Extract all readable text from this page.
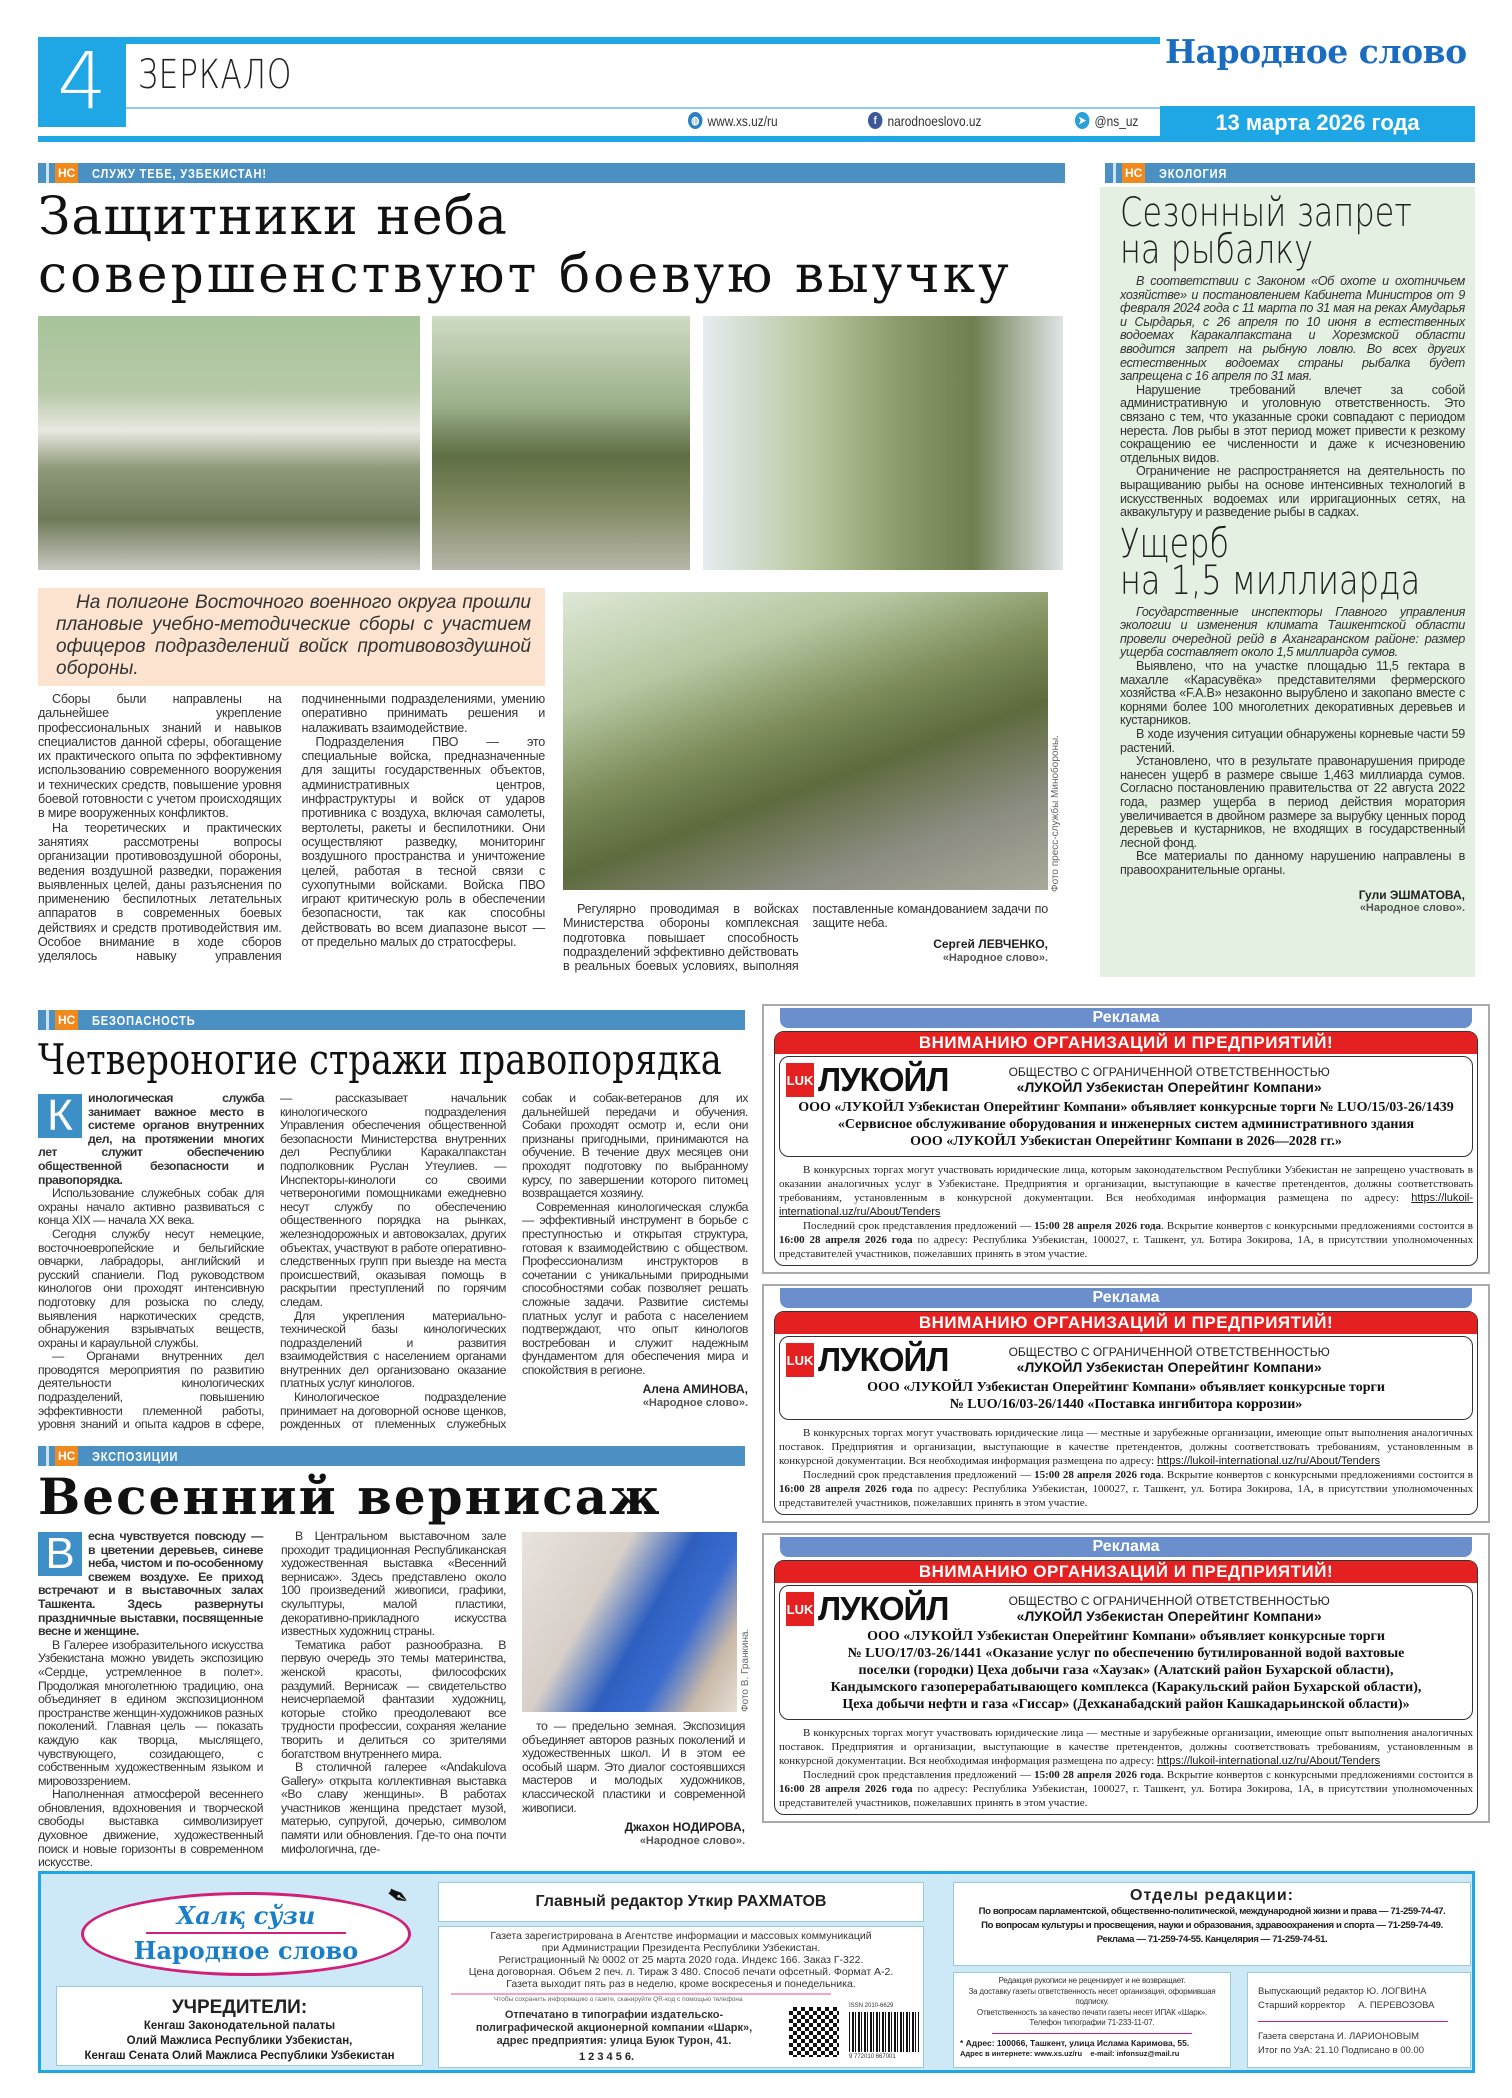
4 ЗЕРКАЛО
Народное слово
◍ www.xs.uz/ru	f narodnoeslovo.uz	➤ @ns_uz	13 марта 2026 года
НС СЛУЖУ ТЕБЕ, УЗБЕКИСТАН!
Защитники неба
совершенствуют боевую выучку

На полигоне Восточного военного округа прошли плановые учебно-методические сборы с участием офицеров подразделений войск противовоздушной обороны.

Сборы были направлены на дальнейшее укрепление профессиональных знаний и навыков специалистов данной сферы, обогащение их практического опыта по эффективному использованию современного вооружения и технических средств, повышение уровня боевой готовности с учетом происходящих в мире вооруженных конфликтов.

На теоретических и практических занятиях рассмотрены вопросы организации противовоздушной обороны, ведения воздушной разведки, поражения выявленных целей, даны разъяснения по применению беспилотных летательных аппаратов в современных боевых действиях и средств противодействия им. Особое внимание в ходе сборов уделялось навыку управления подчиненными подразделениями, умению оперативно принимать решения и налаживать взаимодействие.

Подразделения ПВО — это специальные войска, предназначенные для защиты государственных объектов, административных центров, инфраструктуры и войск от ударов противника с воздуха, включая самолеты, вертолеты, ракеты и беспилотники. Они осуществляют разведку, мониторинг воздушного пространства и уничтожение целей, работая в тесной связи с сухопутными войсками. Войска ПВО играют критическую роль в обеспечении безопасности, так как способны действовать во всем диапазоне высот — от предельно малых до стратосферы.

Фото пресс-службы Минобороны.

Регулярно проводимая в войсках Министерства обороны комплексная подготовка повышает способность подразделений эффективно действовать в реальных боевых условиях, выполняя поставленные командованием задачи по защите неба.

Сергей ЛЕВЧЕНКО,
«Народное слово».
НС ЭКОЛОГИЯ
Сезонный запрет
на рыбалку

В соответствии с Законом «Об охоте и охотничьем хозяйстве» и постановлением Кабинета Министров от 9 февраля 2024 года с 11 марта по 31 мая на реках Амударья и Сырдарья, с 26 апреля по 10 июня в естественных водоемах Каракалпакстана и Хорезмской области вводится запрет на рыбную ловлю. Во всех других естественных водоемах страны рыбалка будет запрещена с 16 апреля по 31 мая.

Нарушение требований влечет за собой административную и уголовную ответственность. Это связано с тем, что указанные сроки совпадают с периодом нереста. Лов рыбы в этот период может привести к резкому сокращению ее численности и даже к исчезновению отдельных видов.

Ограничение не распространяется на деятельность по выращиванию рыбы на основе интенсивных технологий в искусственных водоемах или ирригационных сетях, на аквакультуру и разведение рыбы в садках.

Ущерб
на 1,5 миллиарда

Государственные инспекторы Главного управления экологии и изменения климата Ташкентской области провели очередной рейд в Ахангаранском районе: размер ущерба составляет около 1,5 миллиарда сумов.

Выявлено, что на участке площадью 11,5 гектара в махалле «Карасувёка» представителями фермерского хозяйства «F.A.B» незаконно вырублено и закопано вместе с корнями более 100 многолетних декоративных деревьев и кустарников.

В ходе изучения ситуации обнаружены корневые части 59 растений.

Установлено, что в результате правонарушения природе нанесен ущерб в размере свыше 1,463 миллиарда сумов. Согласно постановлению правительства от 22 августа 2022 года, размер ущерба в период действия моратория увеличивается в двойном размере за вырубку ценных пород деревьев и кустарников, не входящих в государственный лесной фонд.

Все материалы по данному нарушению направлены в правоохранительные органы.

Гули ЭШМАТОВА,
«Народное слово».
НС БЕЗОПАСНОСТЬ
Четвероногие стражи правопорядка

К	инологическая служба занимает важное место в системе органов внутренних дел, на протяжении многих лет служит обеспечению общественной безопасности и правопорядка.

Использование служебных собак для охраны начало активно развиваться с конца XIX — начала XX века.

Сегодня службу несут немецкие, восточноевропейские и бельгийские овчарки, лабрадоры, английский и русский спаниели. Под руководством кинологов они проходят интенсивную подготовку для розыска по следу, выявления наркотических средств, обнаружения взрывчатых веществ, охраны и караульной службы.

— Органами внутренних дел проводятся мероприятия по развитию деятельности кинологических подразделений, повышению эффективности племенной работы, уровня знаний и опыта кадров в сфере, — рассказывает начальник кинологического подразделения Управления обеспечения общественной безопасности Министерства внутренних дел Республики Каракалпакстан подполковник Руслан Утеулиев. — Инспекторы-кинологи со своими четвероногими помощниками ежедневно несут службу по обеспечению общественного порядка на рынках, железнодорожных и автовокзалах, других объектах, участвуют в работе оперативно-следственных групп при выезде на места происшествий, оказывая помощь в раскрытии преступлений по горячим следам.

Для укрепления материально-технической базы кинологических подразделений и развития взаимодействия с населением органами внутренних дел организовано оказание платных услуг кинологов.

Кинологическое подразделение принимает на договорной основе щенков, рожденных от племенных служебных собак и собак-ветеранов для их дальнейшей передачи и обучения. Собаки проходят осмотр и, если они признаны пригодными, принимаются на обучение. В течение двух месяцев они проходят подготовку по выбранному курсу, по завершении которого питомец возвращается хозяину.

Современная кинологическая служба — эффективный инструмент в борьбе с преступностью и открытая структура, готовая к взаимодействию с обществом. Профессионализм инструкторов в сочетании с уникальными природными способностями собак позволяет решать сложные задачи. Развитие системы платных услуг и работа с населением подтверждают, что опыт кинологов востребован и служит надежным фундаментом для обеспечения мира и спокойствия в регионе.

Алена АМИНОВА,
«Народное слово».
НС ЭКСПОЗИЦИИ
Весенний вернисаж

В	есна чувствуется повсюду — в цветении деревьев, синеве неба, чистом и по-особенному свежем воздухе. Ее приход встречают и в выставочных залах Ташкента. Здесь развернуты праздничные выставки, посвященные весне и женщине.

В Галерее изобразительного искусства Узбекистана можно увидеть экспозицию «Сердце, устремленное в полет». Продолжая многолетнюю традицию, она объединяет в едином экспозиционном пространстве женщин-художников разных поколений. Главная цель — показать каждую как творца, мыслящего, чувствующего, созидающего, с собственным художественным языком и мировоззрением.

Наполненная атмосферой весеннего обновления, вдохновения и творческой свободы выставка символизирует духовное движение, художественный поиск и новые горизонты в современном искусстве.

В Центральном выставочном зале проходит традиционная Республиканская художественная выставка «Весенний вернисаж». Здесь представлено около 100 произведений живописи, графики, скульптуры, малой пластики, декоративно-прикладного искусства известных художниц страны.

Тематика работ разнообразна. В первую очередь это темы материнства, женской красоты, философских раздумий. Вернисаж — свидетельство неисчерпаемой фантазии художниц, которые стойко преодолевают все трудности профессии, сохраняя желание творить и делиться со зрителями богатством внутреннего мира.

В столичной галерее «Andakulova Gallery» открыта коллективная выставка «Во славу женщины». В работах участников женщина предстает музой, матерью, супругой, дочерью, символом памяти или обновления. Где-то она почти мифологична, где-

Фото В. Гранкина.

то — предельно земная. Экспозиция объединяет авторов разных поколений и художественных школ. И в этом ее особый шарм. Это диалог состоявшихся мастеров и молодых художников, классической пластики и современной живописи.

Джахон НОДИРОВА,
«Народное слово».
Реклама
ВНИМАНИЮ ОРГАНИЗАЦИЙ И ПРЕДПРИЯТИЙ!
LUK ЛУКОЙЛ	ОБЩЕСТВО С ОГРАНИЧЕННОЙ ОТВЕТСТВЕННОСТЬЮ
«ЛУКОЙЛ Узбекистан Оперейтинг Компани»
ООО «ЛУКОЙЛ Узбекистан Оперейтинг Компани» объявляет конкурсные торги № LUO/15/03-26/1439
«Сервисное обслуживание оборудования и инженерных систем административного здания
ООО «ЛУКОЙЛ Узбекистан Оперейтинг Компани в 2026—2028 гг.»

В конкурсных торгах могут участвовать юридические лица, которым законодательством Республики Узбекистан не запрещено участвовать в оказании аналогичных услуг в Узбекистане. Предприятия и организации, выступающие в качестве претендентов, должны соответствовать требованиям, установленным в конкурсной документации. Вся необходимая информация размещена по адресу: https://lukoil-international.uz/ru/About/Tenders

Последний срок представления предложений — 15:00 28 апреля 2026 года. Вскрытие конвертов с конкурсными предложениями состоится в 16:00 28 апреля 2026 года по адресу: Республика Узбекистан, 100027, г. Ташкент, ул. Ботира Зокирова, 1А, в присутствии уполномоченных представителей участников, пожелавших принять в этом участие.

Реклама
ВНИМАНИЮ ОРГАНИЗАЦИЙ И ПРЕДПРИЯТИЙ!
LUK ЛУКОЙЛ	ОБЩЕСТВО С ОГРАНИЧЕННОЙ ОТВЕТСТВЕННОСТЬЮ
«ЛУКОЙЛ Узбекистан Оперейтинг Компани»
ООО «ЛУКОЙЛ Узбекистан Оперейтинг Компани» объявляет конкурсные торги
№ LUO/16/03-26/1440 «Поставка ингибитора коррозии»

В конкурсных торгах могут участвовать юридические лица — местные и зарубежные организации, имеющие опыт выполнения аналогичных поставок. Предприятия и организации, выступающие в качестве претендентов, должны соответствовать требованиям, установленным в конкурсной документации. Вся необходимая информация размещена по адресу: https://lukoil-international.uz/ru/About/Tenders

Последний срок представления предложений — 15:00 28 апреля 2026 года. Вскрытие конвертов с конкурсными предложениями состоится в 16:00 28 апреля 2026 года по адресу: Республика Узбекистан, 100027, г. Ташкент, ул. Ботира Зокирова, 1А, в присутствии уполномоченных представителей участников, пожелавших принять в этом участие.

Реклама
ВНИМАНИЮ ОРГАНИЗАЦИЙ И ПРЕДПРИЯТИЙ!
LUK ЛУКОЙЛ	ОБЩЕСТВО С ОГРАНИЧЕННОЙ ОТВЕТСТВЕННОСТЬЮ
«ЛУКОЙЛ Узбекистан Оперейтинг Компани»
ООО «ЛУКОЙЛ Узбекистан Оперейтинг Компани» объявляет конкурсные торги
№ LUO/17/03-26/1441 «Оказание услуг по обеспечению бутилированной водой вахтовые
поселки (городки) Цеха добычи газа «Хаузак» (Алатский район Бухарской области),
Кандымского газоперерабатывающего комплекса (Каракульский район Бухарской области),
Цеха добычи нефти и газа «Гиссар» (Дехканабадский район Кашкадарьинской области)»

В конкурсных торгах могут участвовать юридические лица — местные и зарубежные организации, имеющие опыт выполнения аналогичных поставок. Предприятия и организации, выступающие в качестве претендентов, должны соответствовать требованиям, установленным в конкурсной документации. Вся необходимая информация размещена по адресу: https://lukoil-international.uz/ru/About/Tenders

Последний срок представления предложений — 15:00 28 апреля 2026 года. Вскрытие конвертов с конкурсными предложениями состоится в 16:00 28 апреля 2026 года по адресу: Республика Узбекистан, 100027, г. Ташкент, ул. Ботира Зокирова, 1А, в присутствии уполномоченных представителей участников, пожелавших принять в этом участие.

Халқ сўзи
Народное слово
✒
УЧРЕДИТЕЛИ:
Кенгаш Законодательной палаты
Олий Мажлиса Республики Узбекистан,
Кенгаш Сената Олий Мажлиса Республики Узбекистан
Главный редактор Уткир РАХМАТОВ
Газета зарегистрирована в Агентстве информации и массовых коммуникаций
при Администрации Президента Республики Узбекистан.
Регистрационный № 0002 от 25 марта 2020 года. Индекс 166. Заказ Г-322.
Цена договорная. Объем 2 печ. л. Тираж 3 480. Способ печати офсетный. Формат А-2.
Газета выходит пять раз в неделю, кроме воскресенья и понедельника.
Чтобы сохранить информацию о газете, сканируйте QR-код с помощью телефона
Отпечатано в типографии издательско-
полиграфической акционерной компании «Шарк»,
адрес предприятия: улица Буюк Турон, 41.
1 2 3 4 5 6.
ISSN 2010-6629
9 772010 667001
Отделы редакции:
По вопросам парламентской, общественно-политической, международной жизни и права — 71-259-74-47.
По вопросам культуры и просвещения, науки и образования, здравоохранения и спорта — 71-259-74-49.
Реклама — 71-259-74-55. Канцелярия — 71-259-74-51.
Редакция рукописи не рецензирует и не возвращает.
За доставку газеты ответственность несет организация, оформившая подписку.
Ответственность за качество печати газеты несет ИПАК «Шарк».
Телефон типографии 71-233-11-07.
* Адрес: 100066, Ташкент, улица Ислама Каримова, 55.
Адрес в интернете: www.xs.uz/ru    e-mail: infonsuz@mail.ru
Выпускающий редактор Ю. ЛОГВИНА
Старший корректор А. ПЕРЕВОЗОВА
Газета сверстана И. ЛАРИОНОВЫМ
Итог по УзА: 21.10 Подписано в 00.00
